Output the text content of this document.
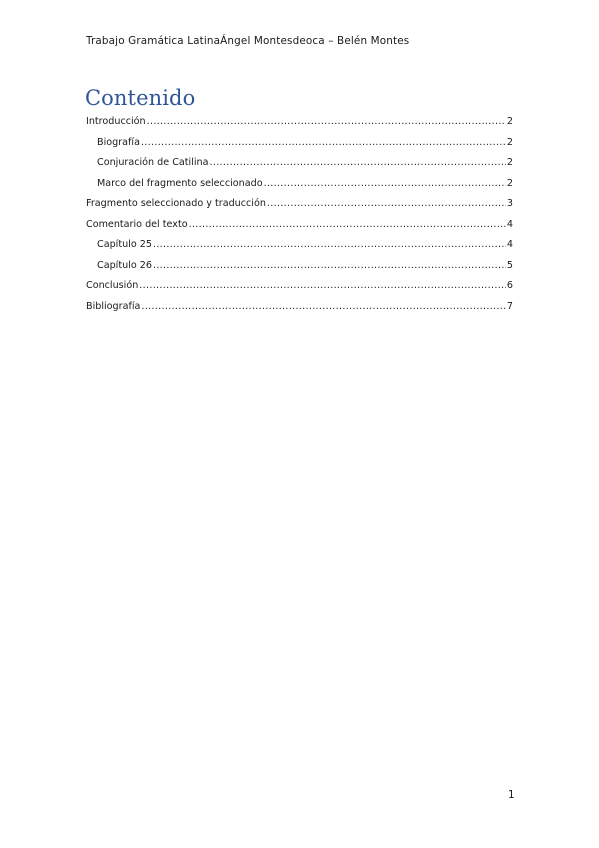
Trabajo Gramática LatinaÁngel Montesdeoca – Belén Montes
Contenido
Introducción .....	2
Biografía .....	2
Conjuración de Catilina .....	2
Marco del fragmento seleccionado .....	2
Fragmento seleccionado y traducción .....	3
Comentario del texto .....	4
Capítulo 25 .....	4
Capítulo 26 .....	5
Conclusión .....	6
Bibliografía .....	7
1
